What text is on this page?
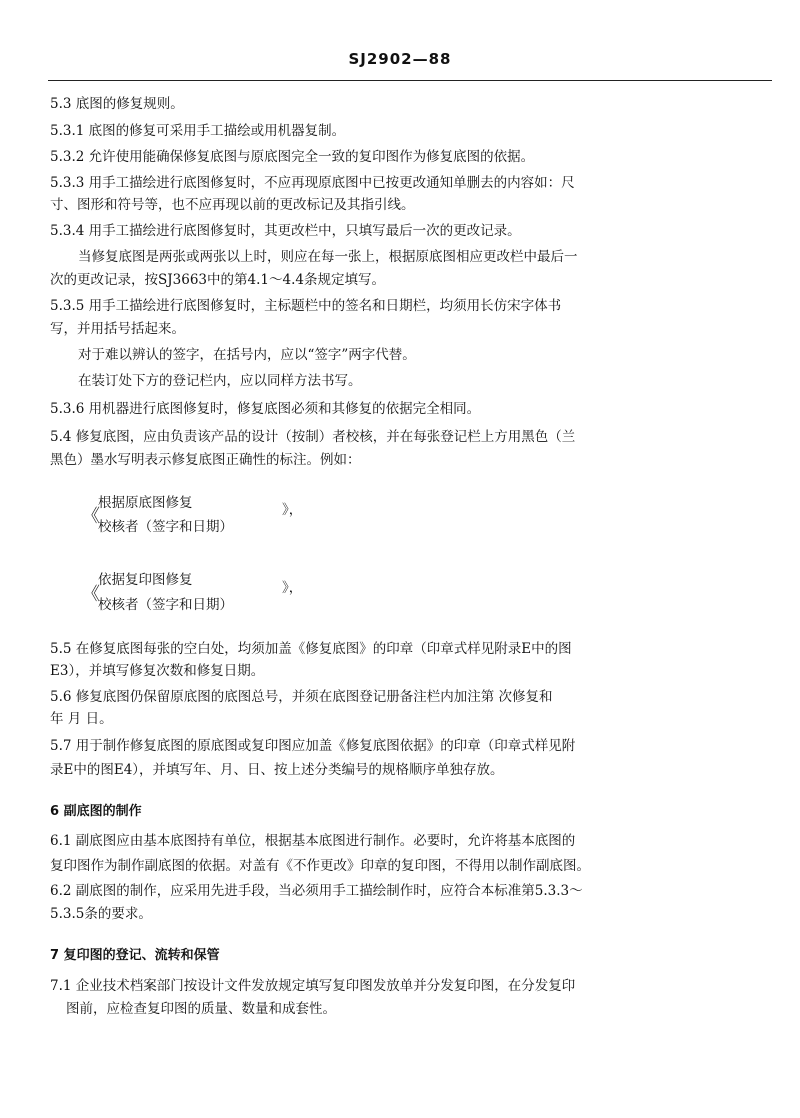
SJ2902—88
5.3 底图的修复规则。
5.3.1 底图的修复可采用手工描绘或用机器复制。
5.3.2 允许使用能确保修复底图与原底图完全一致的复印图作为修复底图的依据。
5.3.3 用手工描绘进行底图修复时，不应再现原底图中已按更改通知单删去的内容如：尺
寸、图形和符号等，也不应再现以前的更改标记及其指引线。
5.3.4 用手工描绘进行底图修复时，其更改栏中，只填写最后一次的更改记录。
当修复底图是两张或两张以上时，则应在每一张上，根据原底图相应更改栏中最后一
次的更改记录，按SJ3663中的第4.1～4.4条规定填写。
5.3.5 用手工描绘进行底图修复时，主标题栏中的签名和日期栏，均须用长仿宋字体书
写，并用括号括起来。
对于难以辨认的签字，在括号内，应以“签字”两字代替。
在装订处下方的登记栏内，应以同样方法书写。
5.3.6 用机器进行底图修复时，修复底图必须和其修复的依据完全相同。
5.4 修复底图，应由负责该产品的设计（按制）者校核，并在每张登记栏上方用黑色（兰
黑色）墨水写明表示修复底图正确性的标注。例如：
《
根据原底图修复
校核者（签字和日期）
》，
《
依据复印图修复
校核者（签字和日期）
》，
5.5 在修复底图每张的空白处，均须加盖《修复底图》的印章（印章式样见附录E中的图
E3），并填写修复次数和修复日期。
5.6 修复底图仍保留原底图的底图总号，并须在底图登记册备注栏内加注第 次修复和
年 月 日。
5.7 用于制作修复底图的原底图或复印图应加盖《修复底图依据》的印章（印章式样见附
录E中的图E4），并填写年、月、日、按上述分类编号的规格顺序单独存放。
6 副底图的制作
6.1 副底图应由基本底图持有单位，根据基本底图进行制作。必要时，允许将基本底图的
复印图作为制作副底图的依据。对盖有《不作更改》印章的复印图，不得用以制作副底图。
6.2 副底图的制作，应采用先进手段，当必须用手工描绘制作时，应符合本标准第5.3.3～
5.3.5条的要求。
7 复印图的登记、流转和保管
7.1 企业技术档案部门按设计文件发放规定填写复印图发放单并分发复印图，在分发复印
图前，应检查复印图的质量、数量和成套性。
